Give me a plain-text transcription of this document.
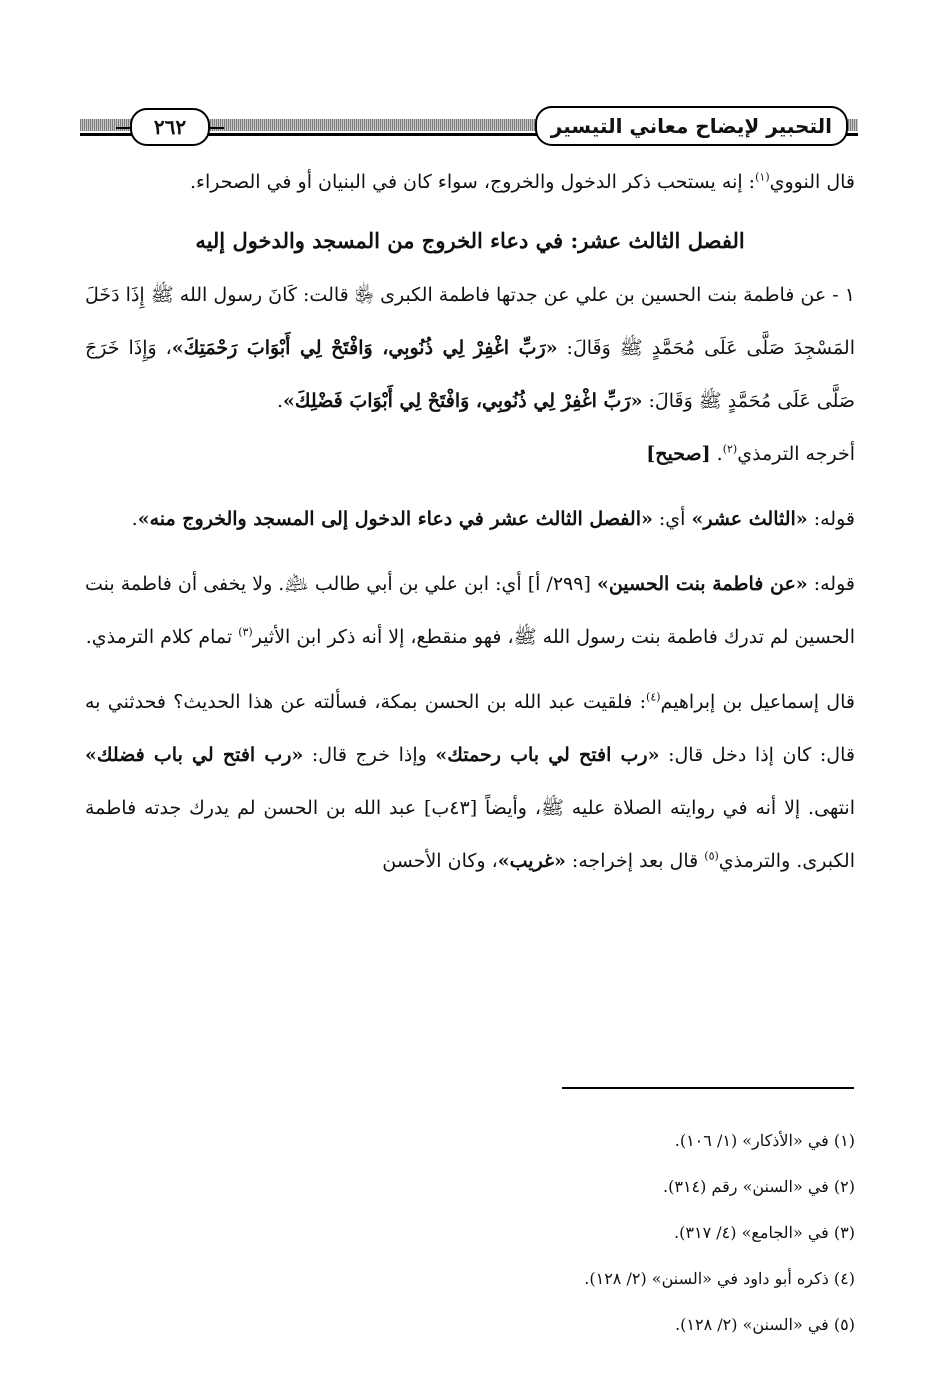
٢٦٢	التحبير لإيضاح معاني التيسير

قال النووي$^{(١)}$: إنه يستحب ذكر الدخول والخروج، سواء كان في البنيان أو في الصحراء.

الفصل الثالث عشر: في دعاء الخروج من المسجد والدخول إليه

١ - عن فاطمة بنت الحسين بن علي عن جدتها فاطمة الكبرى ﵂ قالت: كَانَ رسول الله ﷺ إِذَا دَخَلَ المَسْجِدَ صَلَّى عَلَى مُحَمَّدٍ ﷺ وَقَالَ: «رَبِّ اغْفِرْ لِي ذُنُوبِي، وَافْتَحْ لِي أَبْوَابَ رَحْمَتِكَ»، وَإِذَا خَرَجَ صَلَّى عَلَى مُحَمَّدٍ ﷺ وَقَالَ: «رَبِّ اغْفِرْ لِي ذُنُوبِي، وَافْتَحْ لِي أَبْوَابَ فَضْلِكَ».
أخرجه الترمذي$^{(٢)}$. [صحيح]

قوله: «الثالث عشر» أي: «الفصل الثالث عشر في دعاء الدخول إلى المسجد والخروج منه».

قوله: «عن فاطمة بنت الحسين» [٢٩٩/ أ] أي: ابن علي بن أبي طالب ﵇. ولا يخفى أن فاطمة بنت الحسين لم تدرك فاطمة بنت رسول الله ﷺ، فهو منقطع، إلا أنه ذكر ابن الأثير$^{(٣)}$ تمام كلام الترمذي.

قال إسماعيل بن إبراهيم$^{(٤)}$: فلقيت عبد الله بن الحسن بمكة، فسألته عن هذا الحديث؟ فحدثني به قال: كان إذا دخل قال: «رب افتح لي باب رحمتك» وإذا خرج قال: «رب افتح لي باب فضلك» انتهى. إلا أنه في روايته الصلاة عليه ﷺ، وأيضاً [٤٣ب] عبد الله بن الحسن لم يدرك جدته فاطمة الكبرى. والترمذي$^{(٥)}$ قال بعد إخراجه: «غريب»، وكان الأحسن

(١) في «الأذكار» (١/ ١٠٦).

(٢) في «السنن» رقم (٣١٤).

(٣) في «الجامع» (٤/ ٣١٧).

(٤) ذكره أبو داود في «السنن» (٢/ ١٢٨).

(٥) في «السنن» (٢/ ١٢٨).
